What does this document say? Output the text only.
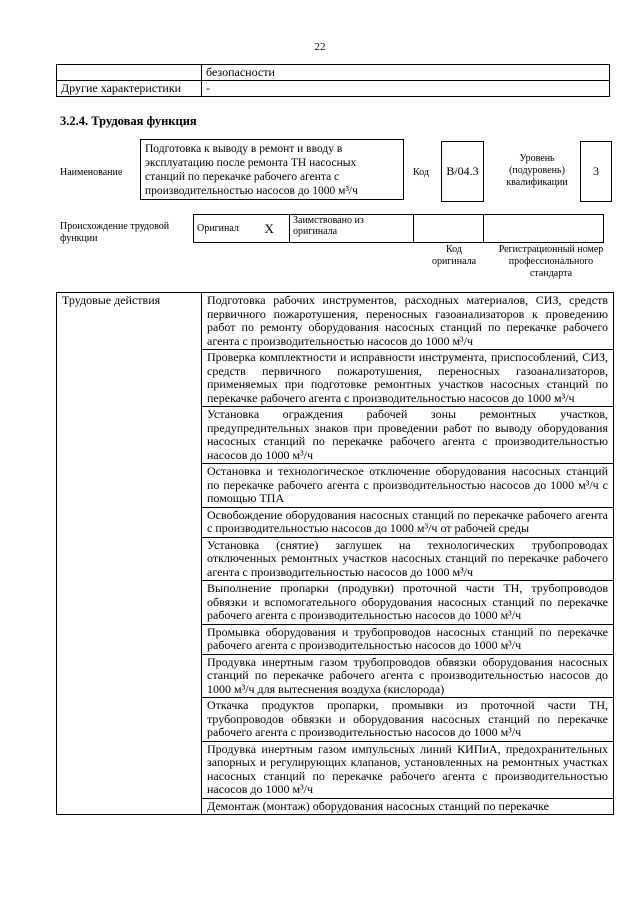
22
	безопасности
Другие характеристики	-
3.2.4. Трудовая функция
Наименование
Подготовка к выводу в ремонт и вводу в эксплуатацию после ремонта ТН насосных станций по перекачке рабочего агента с производительностью насосов до 1000 м³/ч
Код	B/04.3
Уровень (подуровень) квалификации
3
Происхождение трудовой функции
Оригинал	X	Заимствовано из оригинала		
Код оригинала
Регистрационный номер профессионального стандарта
Трудовые действия	Подготовка рабочих инструментов, расходных материалов, СИЗ, средств первичного пожаротушения, переносных газоанализаторов к проведению работ по ремонту оборудования насосных станций по перекачке рабочего агента с производительностью насосов до 1000 м³/ч
Проверка комплектности и исправности инструмента, приспособлений, СИЗ, средств первичного пожаротушения, переносных газоанализаторов, применяемых при подготовке ремонтных участков насосных станций по перекачке рабочего агента с производительностью насосов до 1000 м³/ч
Установка ограждения рабочей зоны ремонтных участков, предупредительных знаков при проведении работ по выводу оборудования насосных станций по перекачке рабочего агента с производительностью насосов до 1000 м³/ч
Остановка и технологическое отключение оборудования насосных станций по перекачке рабочего агента с производительностью насосов до 1000 м³/ч с помощью ТПА
Освобождение оборудования насосных станций по перекачке рабочего агента с производительностью насосов до 1000 м³/ч от рабочей среды
Установка (снятие) заглушек на технологических трубопроводах отключенных ремонтных участков насосных станций по перекачке рабочего агента с производительностью насосов до 1000 м³/ч
Выполнение пропарки (продувки) проточной части ТН, трубопроводов обвязки и вспомогательного оборудования насосных станций по перекачке рабочего агента с производительностью насосов до 1000 м³/ч
Промывка оборудования и трубопроводов насосных станций по перекачке рабочего агента с производительностью насосов до 1000 м³/ч
Продувка инертным газом трубопроводов обвязки оборудования насосных станций по перекачке рабочего агента с производительностью насосов до 1000 м³/ч для вытеснения воздуха (кислорода)
Откачка продуктов пропарки, промывки из проточной части ТН, трубопроводов обвязки и оборудования насосных станций по перекачке рабочего агента с производительностью насосов до 1000 м³/ч
Продувка инертным газом импульсных линий КИПиА, предохранительных запорных и регулирующих клапанов, установленных на ремонтных участках насосных станций по перекачке рабочего агента с производительностью насосов до 1000 м³/ч
Демонтаж (монтаж) оборудования насосных станций по перекачке
